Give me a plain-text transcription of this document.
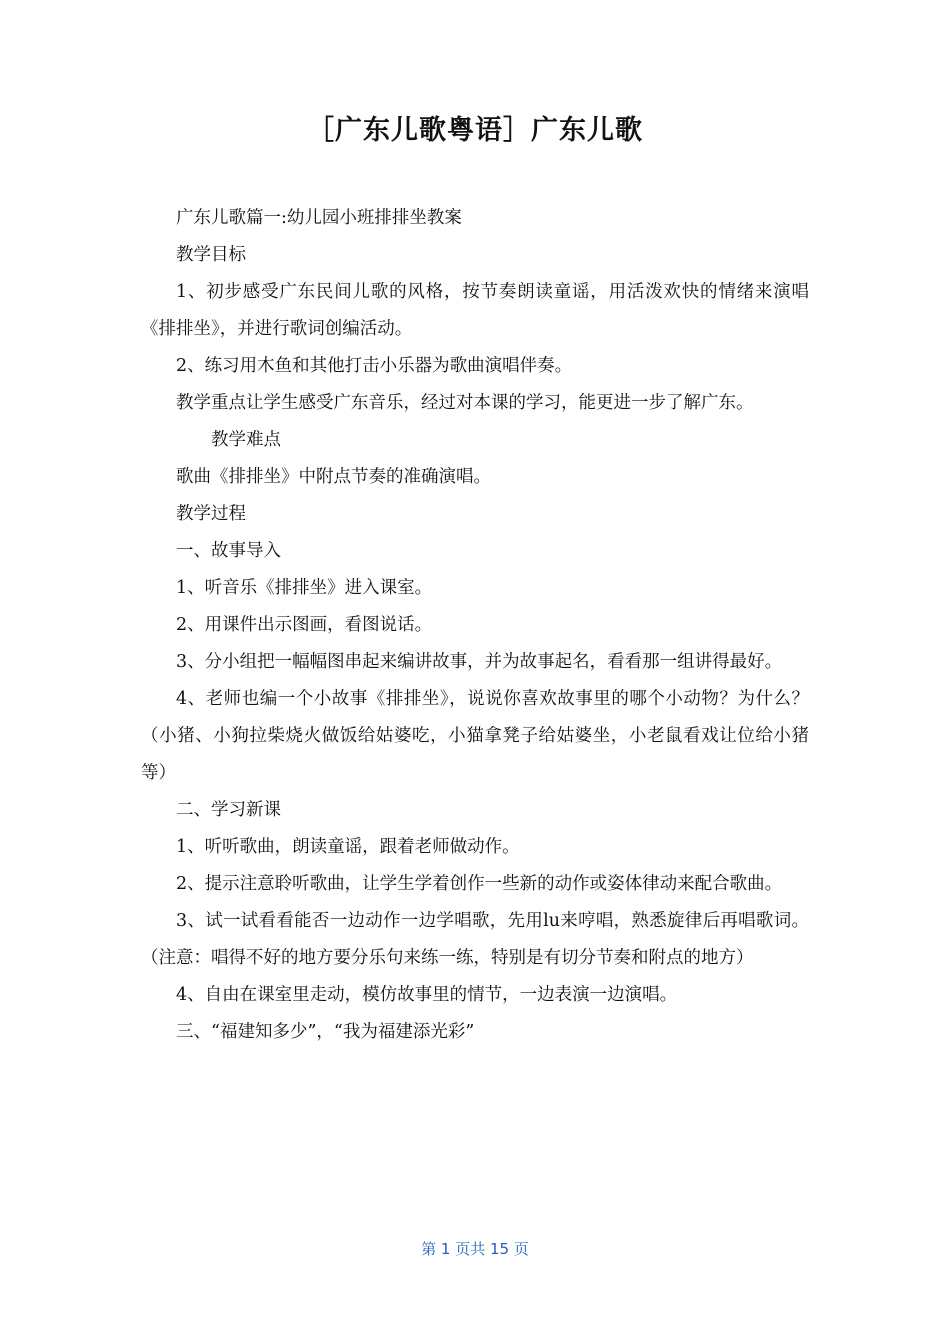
［广东儿歌粤语］广东儿歌

广东儿歌篇一:幼儿园小班排排坐教案

教学目标

1、初步感受广东民间儿歌的风格，按节奏朗读童谣，用活泼欢快的情绪来演唱《排排坐》，并进行歌词创编活动。

2、练习用木鱼和其他打击小乐器为歌曲演唱伴奏。

教学重点让学生感受广东音乐，经过对本课的学习，能更进一步了解广东。

教学难点

歌曲《排排坐》中附点节奏的准确演唱。

教学过程

一、故事导入

1、听音乐《排排坐》进入课室。

2、用课件出示图画，看图说话。

3、分小组把一幅幅图串起来编讲故事，并为故事起名，看看那一组讲得最好。

4、老师也编一个小故事《排排坐》，说说你喜欢故事里的哪个小动物？为什么？（小猪、小狗拉柴烧火做饭给姑婆吃，小猫拿凳子给姑婆坐，小老鼠看戏让位给小猪等）

二、学习新课

1、听听歌曲，朗读童谣，跟着老师做动作。

2、提示注意聆听歌曲，让学生学着创作一些新的动作或姿体律动来配合歌曲。

3、试一试看看能否一边动作一边学唱歌，先用lu来哼唱，熟悉旋律后再唱歌词。（注意：唱得不好的地方要分乐句来练一练，特别是有切分节奏和附点的地方）

4、自由在课室里走动，模仿故事里的情节，一边表演一边演唱。

三、“福建知多少”，“我为福建添光彩”

第 1 页共 15 页
